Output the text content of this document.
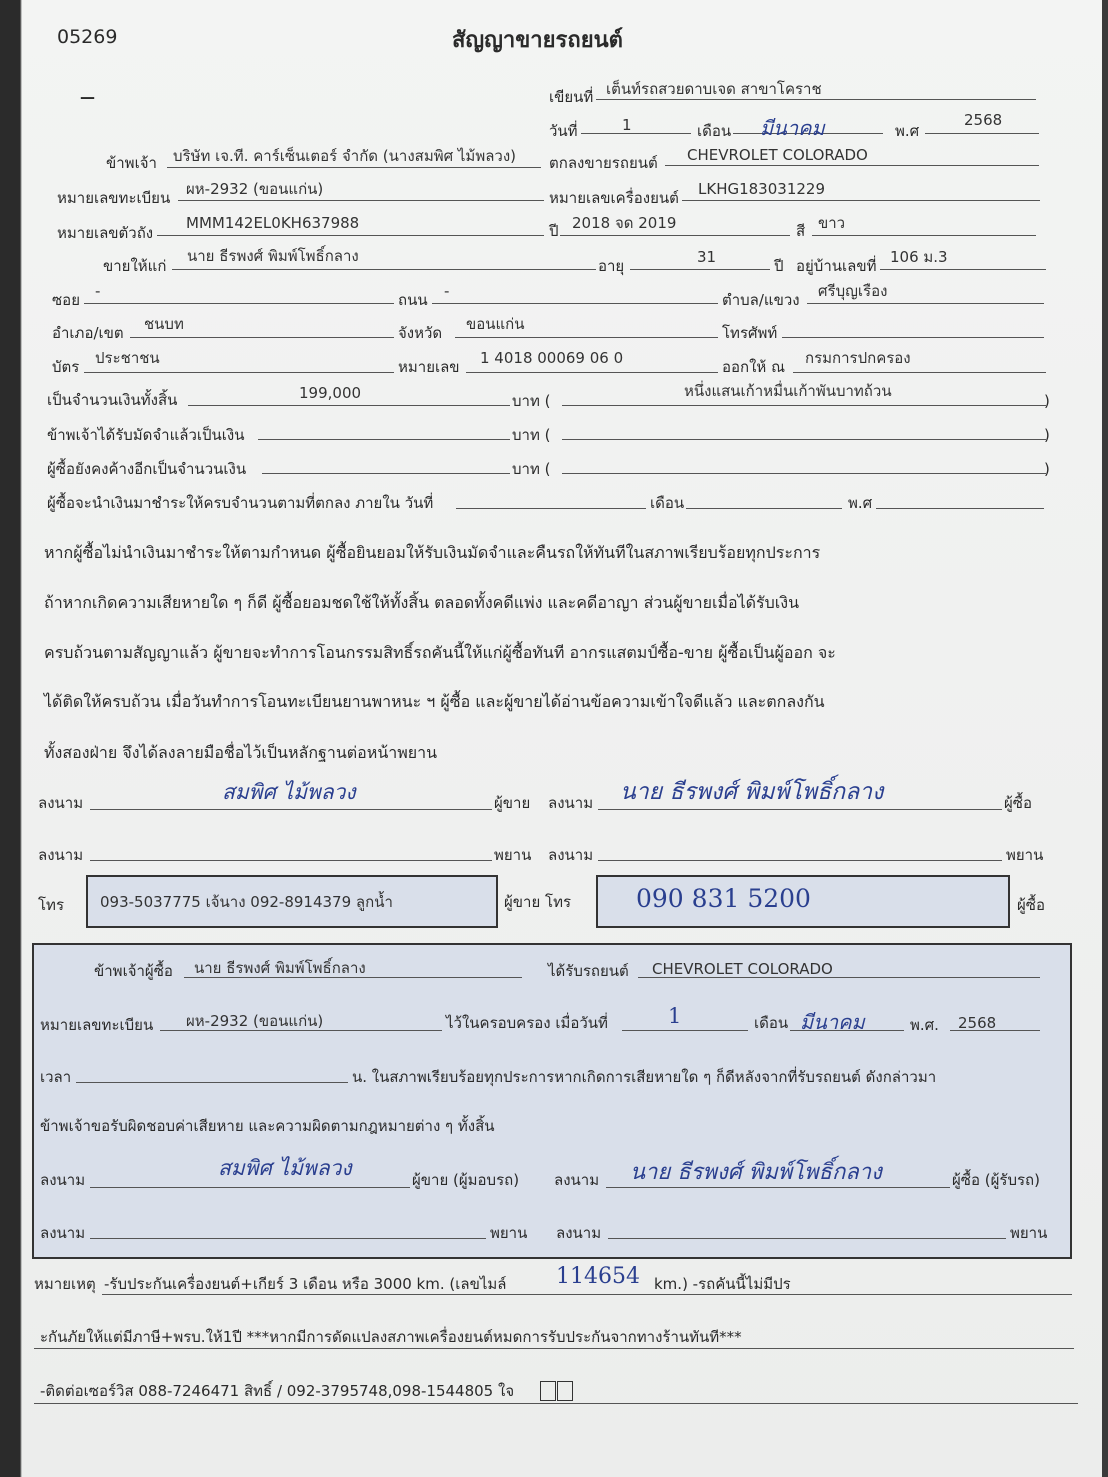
05269	สัญญาขายรถยนต์
—	เขียนที่ เต็นท์รถสวยดาบเจด สาขาโคราช
วันที่	1	เดือน มีนาคม	พ.ศ
2568
ข้าพเจ้า บริษัท เจ.ที. คาร์เซ็นเตอร์ จำกัด (นางสมพิศ ไม้พลวง) ตกลงขายรถยนต์ CHEVROLET COLORADO
หมายเลขทะเบียน ผห-2932 (ขอนแก่น)	หมายเลขเครื่องยนต์ LKHG183031229
หมายเลขตัวถัง
MMM142EL0KH637988	ปี 2018 จด 2019	สี ขาว
ขายให้แก่
นาย ธีรพงศ์ พิมพ์โพธิ์กลาง
อายุ	31	ปี อยู่บ้านเลขที่ 106 ม.3
ซอย -	ถนน -	ตำบล/แขวง ศรีบุญเรือง
อำเภอ/เขต ชนบท	จังหวัด ขอนแก่น	โทรศัพท์
บัตร ประชาชน	หมายเลข 1 4018 00069 06 0	ออกให้ ณ กรมการปกครอง
เป็นจำนวนเงินทั้งสิ้น	199,000	บาท (
หนึ่งแสนเก้าหมื่นเก้าพันบาทถ้วน
)
ข้าพเจ้าได้รับมัดจำแล้วเป็นเงิน	บาท (	)
ผู้ซื้อยังคงค้างอีกเป็นจำนวนเงิน	บาท (	)
ผู้ซื้อจะนำเงินมาชำระให้ครบจำนวนตามที่ตกลง ภายใน วันที่	เดือน	พ.ศ
หากผู้ซื้อไม่นำเงินมาชำระให้ตามกำหนด ผู้ซื้อยินยอมให้รับเงินมัดจำและคืนรถให้ทันทีในสภาพเรียบร้อยทุกประการ
ถ้าหากเกิดความเสียหายใด ๆ ก็ดี ผู้ซื้อยอมชดใช้ให้ทั้งสิ้น ตลอดทั้งคดีแพ่ง และคดีอาญา ส่วนผู้ขายเมื่อได้รับเงิน
ครบถ้วนตามสัญญาแล้ว ผู้ขายจะทำการโอนกรรมสิทธิ์รถคันนี้ให้แก่ผู้ซื้อทันที อากรแสตมป์ซื้อ-ขาย ผู้ซื้อเป็นผู้ออก จะ
ได้ติดให้ครบถ้วน เมื่อวันทำการโอนทะเบียนยานพาหนะ ฯ ผู้ซื้อ และผู้ขายได้อ่านข้อความเข้าใจดีแล้ว และตกลงกัน
ทั้งสองฝ่าย จึงได้ลงลายมือชื่อไว้เป็นหลักฐานต่อหน้าพยาน
ลงนาม	สมพิศ ไม้พลวง	ผู้ขาย ลงนาม นาย ธีรพงศ์ พิมพ์โพธิ์กลาง	ผู้ซื้อ
ลงนาม	พยาน ลงนาม	พยาน
โทร 093-5037775 เจ้นาง 092-8914379 ลูกน้ำ	ผู้ขาย โทร	090 831 5200	ผู้ซื้อ
ข้าพเจ้าผู้ซื้อ นาย ธีรพงศ์ พิมพ์โพธิ์กลาง	ได้รับรถยนต์ CHEVROLET COLORADO
หมายเลขทะเบียน ผห-2932 (ขอนแก่น)	ไว้ในครอบครอง เมื่อวันที่	1	เดือน มีนาคม	พ.ศ. 2568
เวลา	น. ในสภาพเรียบร้อยทุกประการหากเกิดการเสียหายใด ๆ ก็ดีหลังจากที่รับรถยนต์ ดังกล่าวมา
ข้าพเจ้าขอรับผิดชอบค่าเสียหาย และความผิดตามกฎหมายต่าง ๆ ทั้งสิ้น
ลงนาม	สมพิศ ไม้พลวง	ผู้ขาย (ผู้มอบรถ) ลงนาม นาย ธีรพงศ์ พิมพ์โพธิ์กลาง	ผู้ซื้อ (ผู้รับรถ)
ลงนาม	พยาน ลงนาม	พยาน
หมายเหตุ -รับประกันเครื่องยนต์+เกียร์ 3 เดือน หรือ 3000 km. (เลขไมล์ 114654 km.) -รถคันนี้ไม่มีปร
ะกันภัยให้แต่มีภาษี+พรบ.ให้1ปี ***หากมีการดัดแปลงสภาพเครื่องยนต์หมดการรับประกันจากทางร้านทันที***
-ติดต่อเซอร์วิส 088-7246471 สิทธิ์ / 092-3795748,098-1544805 ใจ
